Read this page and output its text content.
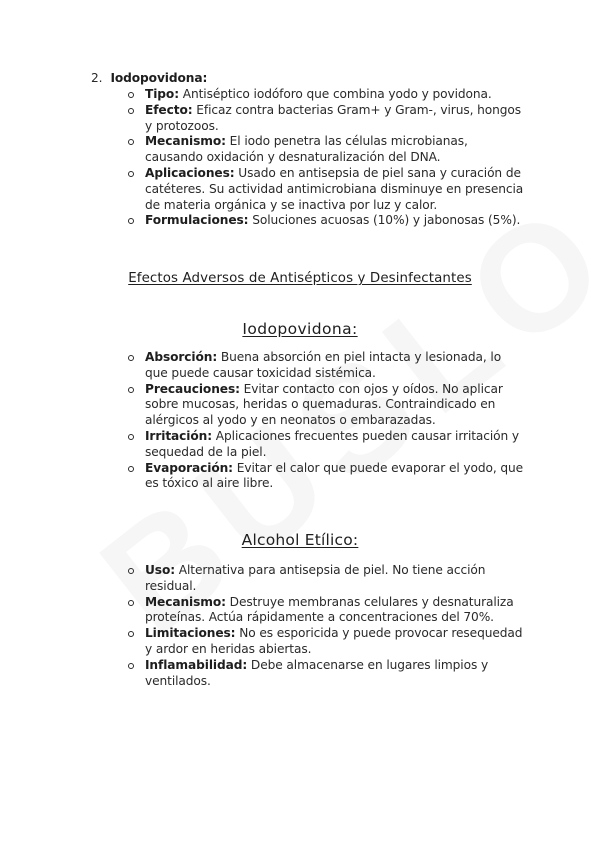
2. Iodopovidona:
Tipo: Antiséptico iodóforo que combina yodo y povidona.
Efecto: Eficaz contra bacterias Gram+ y Gram-, virus, hongos y protozoos.
Mecanismo: El iodo penetra las células microbianas, causando oxidación y desnaturalización del DNA.
Aplicaciones: Usado en antisepsia de piel sana y curación de catéteres. Su actividad antimicrobiana disminuye en presencia de materia orgánica y se inactiva por luz y calor.
Formulaciones: Soluciones acuosas (10%) y jabonosas (5%).
Efectos Adversos de Antisépticos y Desinfectantes
Iodopovidona:
Absorción: Buena absorción en piel intacta y lesionada, lo que puede causar toxicidad sistémica.
Precauciones: Evitar contacto con ojos y oídos. No aplicar sobre mucosas, heridas o quemaduras. Contraindicado en alérgicos al yodo y en neonatos o embarazadas.
Irritación: Aplicaciones frecuentes pueden causar irritación y sequedad de la piel.
Evaporación: Evitar el calor que puede evaporar el yodo, que es tóxico al aire libre.
Alcohol Etílico:
Uso: Alternativa para antisepsia de piel. No tiene acción residual.
Mecanismo: Destruye membranas celulares y desnaturaliza proteínas. Actúa rápidamente a concentraciones del 70%.
Limitaciones: No es esporicida y puede provocar resequedad y ardor en heridas abiertas.
Inflamabilidad: Debe almacenarse en lugares limpios y ventilados.
